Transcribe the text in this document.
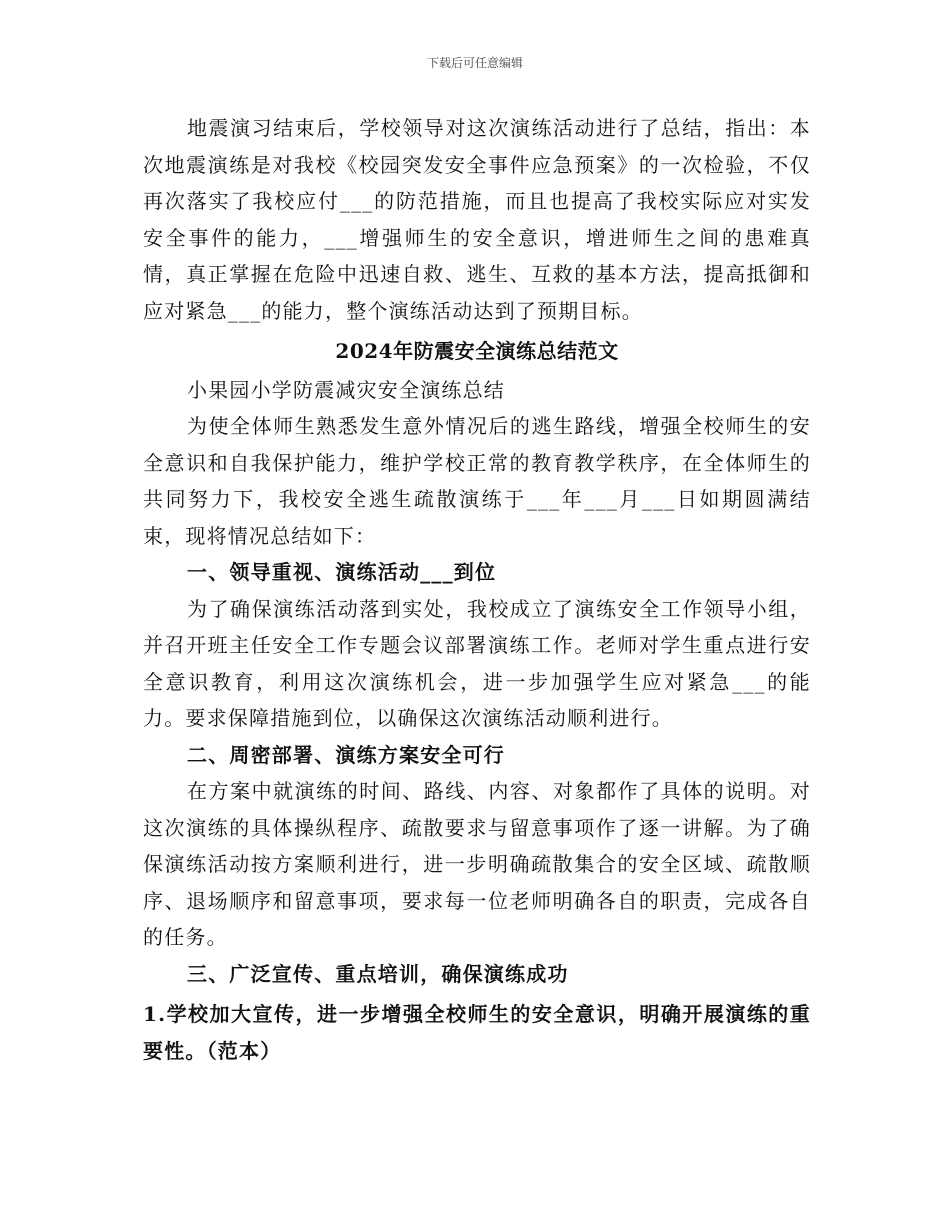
下载后可任意编辑

地震演习结束后，学校领导对这次演练活动进行了总结，指出：本次地震演练是对我校《校园突发安全事件应急预案》的一次检验，不仅再次落实了我校应付___的防范措施，而且也提高了我校实际应对实发安全事件的能力，___增强师生的安全意识，增进师生之间的患难真情，真正掌握在危险中迅速自救、逃生、互救的基本方法，提高抵御和应对紧急___的能力，整个演练活动达到了预期目标。

2024年防震安全演练总结范文

小果园小学防震减灾安全演练总结

为使全体师生熟悉发生意外情况后的逃生路线，增强全校师生的安全意识和自我保护能力，维护学校正常的教育教学秩序，在全体师生的共同努力下，我校安全逃生疏散演练于___年___月___日如期圆满结束，现将情况总结如下：

一、领导重视、演练活动___到位

为了确保演练活动落到实处，我校成立了演练安全工作领导小组，并召开班主任安全工作专题会议部署演练工作。老师对学生重点进行安全意识教育，利用这次演练机会，进一步加强学生应对紧急___的能力。要求保障措施到位，以确保这次演练活动顺利进行。

二、周密部署、演练方案安全可行

在方案中就演练的时间、路线、内容、对象都作了具体的说明。对这次演练的具体操纵程序、疏散要求与留意事项作了逐一讲解。为了确保演练活动按方案顺利进行，进一步明确疏散集合的安全区域、疏散顺序、退场顺序和留意事项，要求每一位老师明确各自的职责，完成各自的任务。

三、广泛宣传、重点培训，确保演练成功

1.学校加大宣传，进一步增强全校师生的安全意识，明确开展演练的重要性。（范本）
